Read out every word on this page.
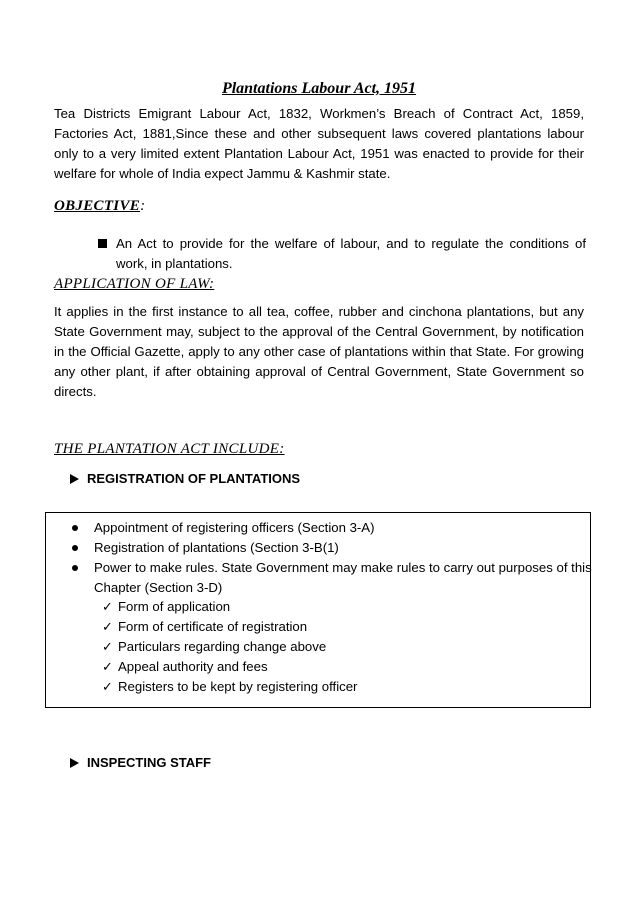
Plantations Labour Act, 1951
Tea Districts Emigrant Labour Act, 1832, Workmen’s Breach of Contract Act, 1859, Factories Act, 1881,Since these and other subsequent laws covered plantations labour only to a very limited extent Plantation Labour Act, 1951 was enacted to provide for their welfare for whole of India expect Jammu & Kashmir state.
OBJECTIVE:
An Act to provide for the welfare of labour, and to regulate the conditions of work, in plantations.
APPLICATION OF LAW:
It applies in the first instance to all tea, coffee, rubber and cinchona plantations, but any State Government may, subject to the approval of the Central Government, by notification in the Official Gazette, apply to any other case of plantations within that State. For growing any other plant, if after obtaining approval of Central Government, State Government so directs.
THE PLANTATION ACT INCLUDE:
REGISTRATION OF PLANTATIONS
Appointment of registering officers (Section 3-A)
Registration of plantations (Section 3-B(1)
Power to make rules. State Government may make rules to carry out purposes of this Chapter (Section 3-D)
✓ Form of application
✓ Form of certificate of registration
✓ Particulars regarding change above
✓ Appeal authority and fees
✓ Registers to be kept by registering officer
INSPECTING STAFF
